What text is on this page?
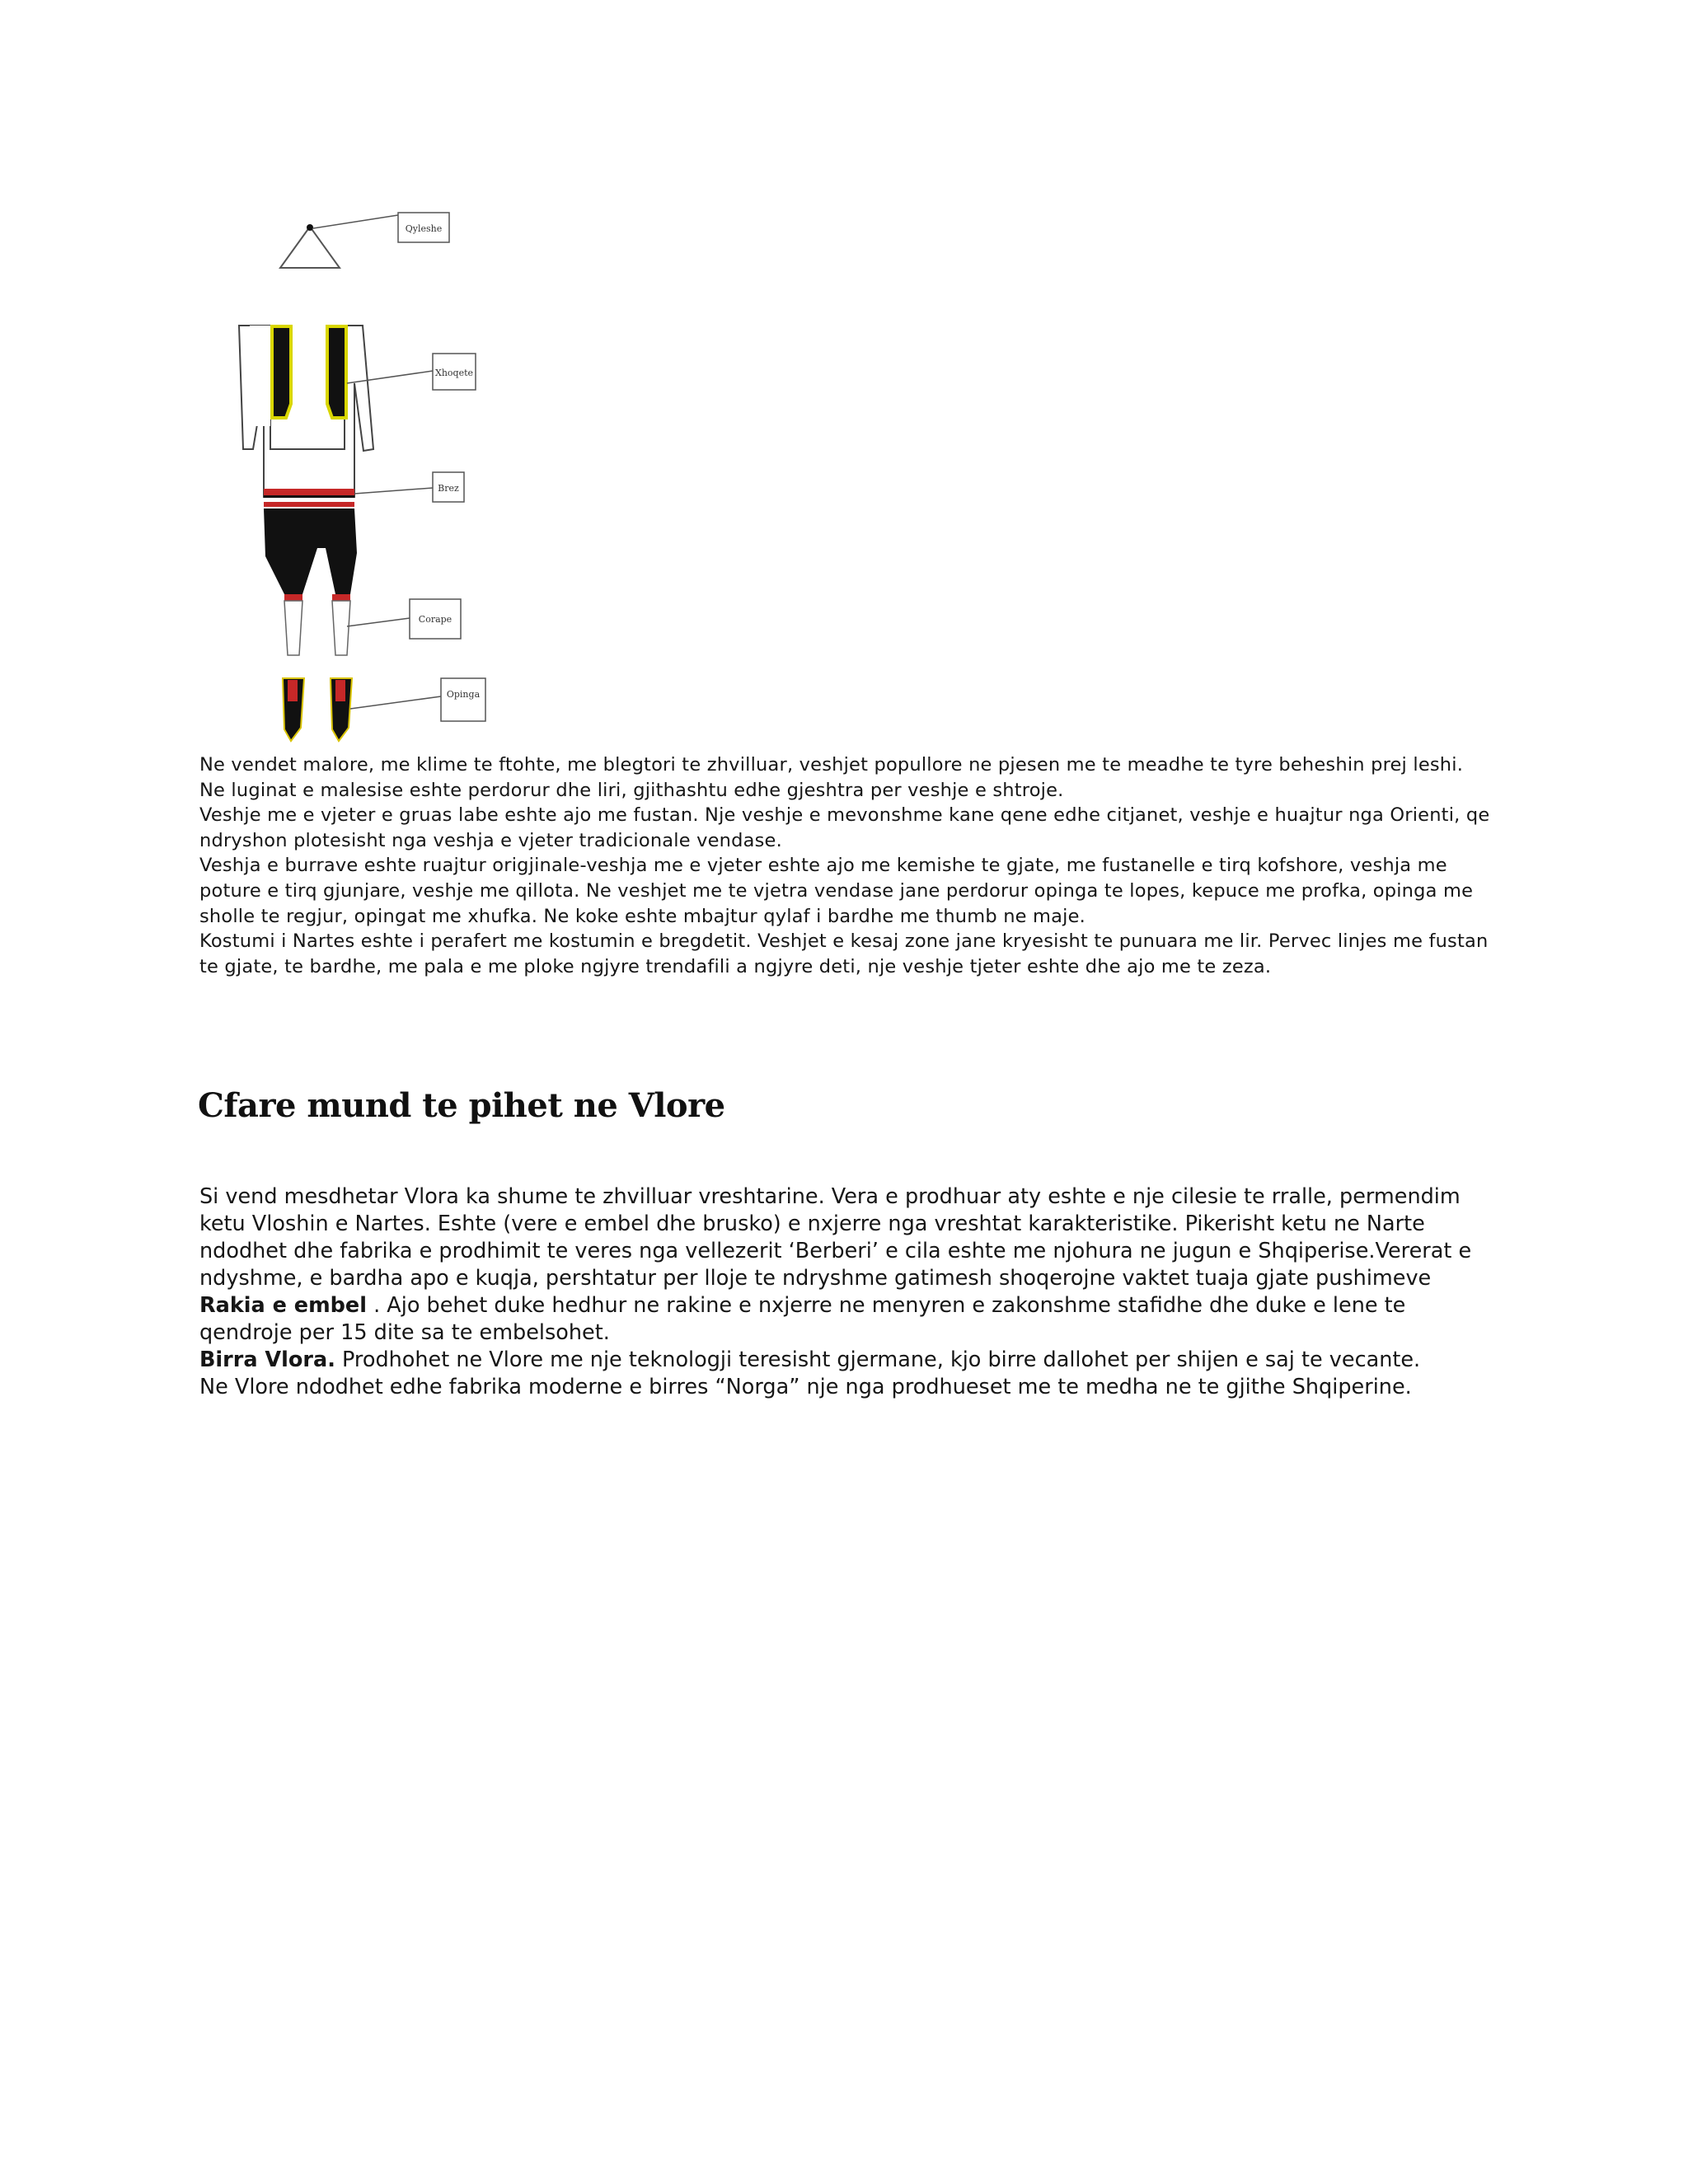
Qyleshe
Xhoqete
Brez
Corape
Opinga

Ne vendet malore, me klime te ftohte, me blegtori te zhvilluar, veshjet popullore ne pjesen me te meadhe te tyre beheshin prej leshi. Ne luginat e malesise eshte perdorur dhe liri, gjithashtu edhe gjeshtra per veshje e shtroje.

Veshje me e vjeter e gruas labe eshte ajo me fustan. Nje veshje e mevonshme kane qene edhe citjanet, veshje e huajtur nga Orienti, qe ndryshon plotesisht nga veshja e vjeter tradicionale vendase.

Veshja e burrave eshte ruajtur origjinale-veshja me e vjeter eshte ajo me kemishe te gjate, me fustanelle e tirq kofshore, veshja me poture e tirq gjunjare, veshje me qillota. Ne veshjet me te vjetra vendase jane perdorur opinga te lopes, kepuce me profka, opinga me sholle te regjur, opingat me xhufka. Ne koke eshte mbajtur qylaf i bardhe me thumb ne maje.

Kostumi i Nartes eshte i perafert me kostumin e bregdetit. Veshjet e kesaj zone jane kryesisht te punuara me lir. Pervec linjes me fustan te gjate, te bardhe, me pala e me ploke ngjyre trendafili a ngjyre deti, nje veshje tjeter eshte dhe ajo me te zeza.

Cfare mund te pihet ne Vlore

Si vend mesdhetar Vlora ka shume te zhvilluar vreshtarine. Vera e prodhuar aty eshte e nje cilesie te rralle, permendim ketu Vloshin e Nartes. Eshte (vere e embel dhe brusko) e nxjerre nga vreshtat karakteristike. Pikerisht ketu ne Narte ndodhet dhe fabrika e prodhimit te veres nga vellezerit ‘Berberi’ e cila eshte me njohura ne jugun e Shqiperise.Vererat e ndyshme, e bardha apo e kuqja, pershtatur per lloje te ndryshme gatimesh shoqerojne vaktet tuaja gjate pushimeve

Rakia e embel . Ajo behet duke hedhur ne rakine e nxjerre ne menyren e zakonshme stafidhe dhe duke e lene te qendroje per 15 dite sa te embelsohet.

Birra Vlora. Prodhohet ne Vlore me nje teknologji teresisht gjermane, kjo birre dallohet per shijen e saj te vecante.

Ne Vlore ndodhet edhe fabrika moderne e birres “Norga” nje nga prodhueset me te medha ne te gjithe Shqiperine.
